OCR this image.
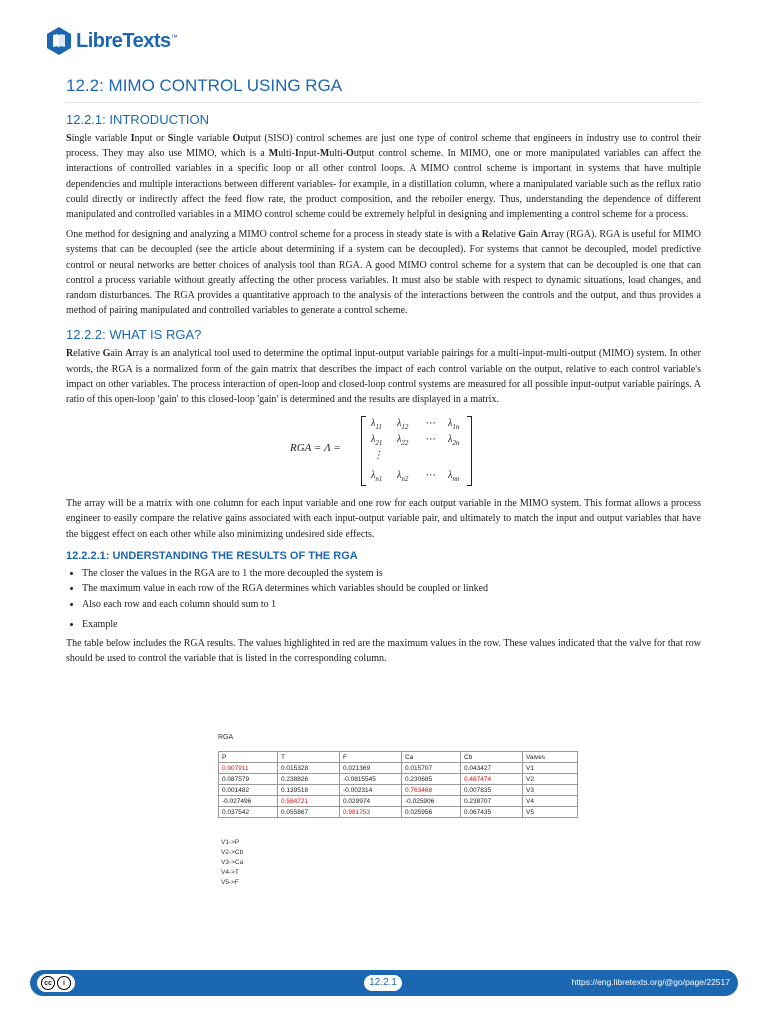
LibreTexts™
12.2: MIMO CONTROL USING RGA
12.2.1: INTRODUCTION

Single variable Input or Single variable Output (SISO) control schemes are just one type of control scheme that engineers in industry use to control their process. They may also use MIMO, which is a Multi-Input-Multi-Output control scheme. In MIMO, one or more manipulated variables can affect the interactions of controlled variables in a specific loop or all other control loops. A MIMO control scheme is important in systems that have multiple dependencies and multiple interactions between different variables- for example, in a distillation column, where a manipulated variable such as the reflux ratio could directly or indirectly affect the feed flow rate, the product composition, and the reboiler energy. Thus, understanding the dependence of different manipulated and controlled variables in a MIMO control scheme could be extremely helpful in designing and implementing a control scheme for a process.

One method for designing and analyzing a MIMO control scheme for a process in steady state is with a Relative Gain Array (RGA). RGA is useful for MIMO systems that can be decoupled (see the article about determining if a system can be decoupled). For systems that cannot be decoupled, model predictive control or neural networks are better choices of analysis tool than RGA. A good MIMO control scheme for a system that can be decoupled is one that can control a process variable without greatly affecting the other process variables. It must also be stable with respect to dynamic situations, load changes, and random disturbances. The RGA provides a quantitative approach to the analysis of the interactions between the controls and the output, and thus provides a method of pairing manipulated and controlled variables to generate a control scheme.

12.2.2: WHAT IS RGA?

Relative Gain Array is an analytical tool used to determine the optimal input-output variable pairings for a multi-input-multi-output (MIMO) system. In other words, the RGA is a normalized form of the gain matrix that describes the impact of each control variable on the output, relative to each control variable's impact on other variables. The process interaction of open-loop and closed-loop control systems are measured for all possible input-output variable pairings. A ratio of this open-loop 'gain' to this closed-loop 'gain' is determined and the results are displayed in a matrix.

RGA = Λ =
$\lambda_{11}$ $\lambda_{12}$ ⋯ $\lambda_{1n}$
$\lambda_{21}$ $\lambda_{22}$ ⋯ $\lambda_{2n}$
⋮
$\lambda_{n1}$ $\lambda_{n2}$ ⋯ $\lambda_{nn}$

The array will be a matrix with one column for each input variable and one row for each output variable in the MIMO system. This format allows a process engineer to easily compare the relative gains associated with each input-output variable pair, and ultimately to match the input and output variables that have the biggest effect on each other while also minimizing undesired side effects.

12.2.2.1: UNDERSTANDING THE RESULTS OF THE RGA
• The closer the values in the RGA are to 1 the more decoupled the system is
• The maximum value in each row of the RGA determines which variables should be coupled or linked
• Also each row and each column should sum to 1
• Example

The table below includes the RGA results. The values highlighted in red are the maximum values in the row. These values indicated that the valve for that row should be used to control the variable that is listed in the corresponding column.

RGA
P	T	F	Ca	Cb	Valves
0.907911	0.015328	0.021369	0.015707	0.043427	V1
0.087579	0.238826	-0.0815545	0.230685	0.487474	V2
0.001482	0.139518	-0.002314	0.763468	0.007835	V3
-0.027496	0.584721	0.029974	-0.025906	0.238707	V4
0.037542	0.055867	0.981753	0.025956	0.067435	V5
V1->P
V2->Cb
V3->Ca
V4->T
V5->F
cc	i	12.2.1	https://eng.libretexts.org/@go/page/22517
